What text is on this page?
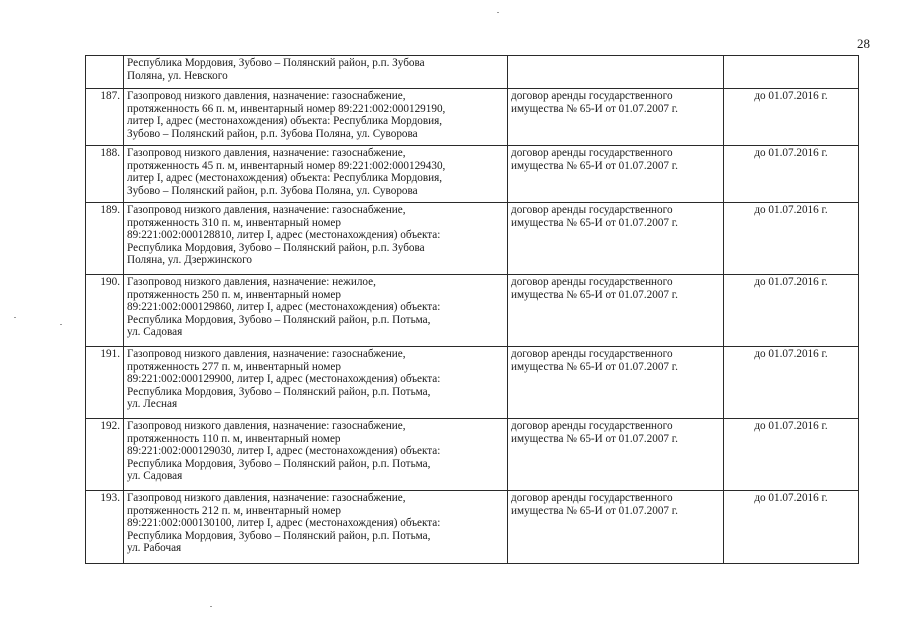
28

	Республика Мордовия, Зубово – Полянский район, р.п. Зубова
Поляна, ул. Невского		

187.	Газопровод низкого давления, назначение: газоснабжение,
протяженность 66 п. м, инвентарный номер 89:221:002:000129190,
литер I, адрес (местонахождения) объекта: Республика Мордовия,
Зубово – Полянский район, р.п. Зубова Поляна, ул. Суворова	договор аренды государственного
имущества № 65-И от 01.07.2007 г.	до 01.07.2016 г.
188.	Газопровод низкого давления, назначение: газоснабжение,
протяженность 45 п. м, инвентарный номер 89:221:002:000129430,
литер I, адрес (местонахождения) объекта: Республика Мордовия,
Зубово – Полянский район, р.п. Зубова Поляна, ул. Суворова	договор аренды государственного
имущества № 65-И от 01.07.2007 г.	до 01.07.2016 г.
189.	Газопровод низкого давления, назначение: газоснабжение,
протяженность 310 п. м, инвентарный номер
89:221:002:000128810, литер I, адрес (местонахождения) объекта:
Республика Мордовия, Зубово – Полянский район, р.п. Зубова
Поляна, ул. Дзержинского	договор аренды государственного
имущества № 65-И от 01.07.2007 г.	до 01.07.2016 г.
190.	Газопровод низкого давления, назначение: нежилое,
протяженность 250 п. м, инвентарный номер
89:221:002:000129860, литер I, адрес (местонахождения) объекта:
Республика Мордовия, Зубово – Полянский район, р.п. Потьма,
ул. Садовая	договор аренды государственного
имущества № 65-И от 01.07.2007 г.	до 01.07.2016 г.
191.	Газопровод низкого давления, назначение: газоснабжение,
протяженность 277 п. м, инвентарный номер
89:221:002:000129900, литер I, адрес (местонахождения) объекта:
Республика Мордовия, Зубово – Полянский район, р.п. Потьма,
ул. Лесная	договор аренды государственного
имущества № 65-И от 01.07.2007 г.	до 01.07.2016 г.
192.	Газопровод низкого давления, назначение: газоснабжение,
протяженность 110 п. м, инвентарный номер
89:221:002:000129030, литер I, адрес (местонахождения) объекта:
Республика Мордовия, Зубово – Полянский район, р.п. Потьма,
ул. Садовая	договор аренды государственного
имущества № 65-И от 01.07.2007 г.	до 01.07.2016 г.
193.	Газопровод низкого давления, назначение: газоснабжение,
протяженность 212 п. м, инвентарный номер
89:221:002:000130100, литер I, адрес (местонахождения) объекта:
Республика Мордовия, Зубово – Полянский район, р.п. Потьма,
ул. Рабочая	договор аренды государственного
имущества № 65-И от 01.07.2007 г.	до 01.07.2016 г.
